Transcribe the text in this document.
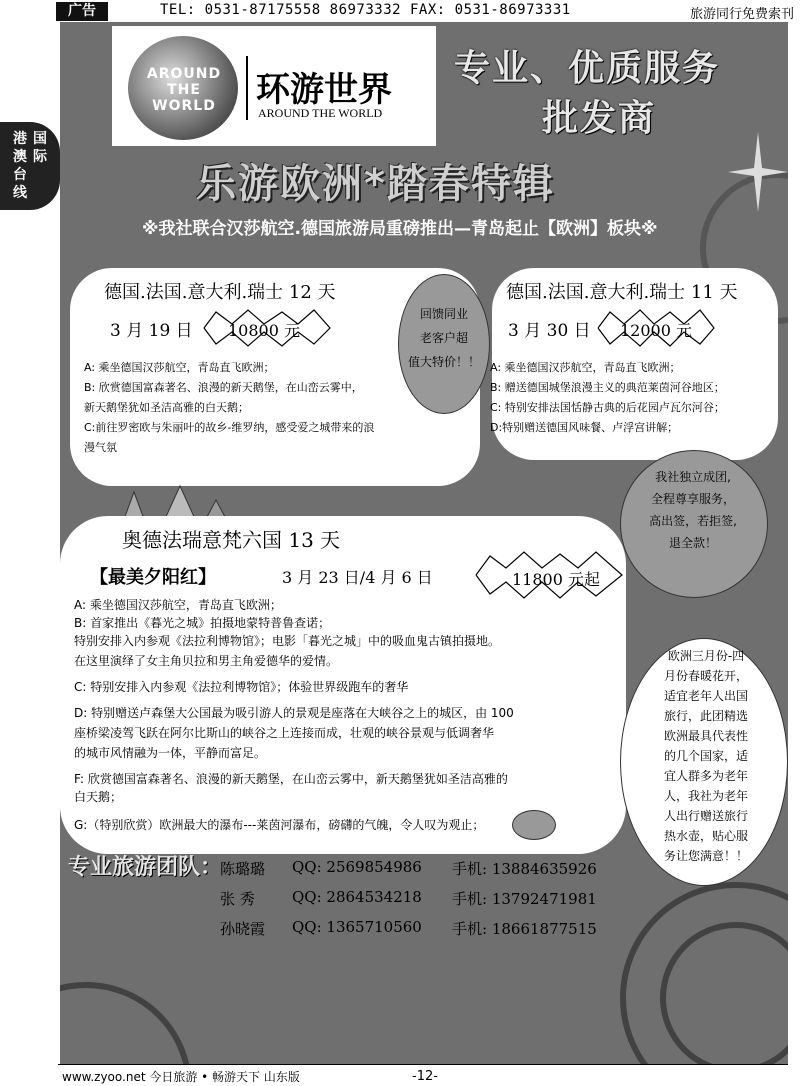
广告	TEL: 0531-87175558 86973332 FAX: 0531-86973331	旅游同行免费索刊
港
澳
台
线
国
际
AROUND THE WORLD	环游世界
AROUND THE WORLD
专业、优质服务
批发商
乐游欧洲*踏春特辑
※我社联合汉莎航空.德国旅游局重磅推出—青岛起止【欧洲】板块※
德国.法国.意大利.瑞士 12 天
3 月 19 日 10800 元
A: 乘坐德国汉莎航空，青岛直飞欧洲；
B: 欣赏德国富森著名、浪漫的新天鹅堡，在山峦云雾中，
新天鹅堡犹如圣洁高雅的白天鹅；
C:前往罗密欧与朱丽叶的故乡-维罗纳，感受爱之城带来的浪
漫气氛
回馈同业
老客户超
值大特价！！
德国.法国.意大利.瑞士 11 天
3 月 30 日 12000 元
A: 乘坐德国汉莎航空，青岛直飞欧洲；
B: 赠送德国城堡浪漫主义的典范莱茵河谷地区；
C: 特别安排法国恬静古典的后花园卢瓦尔河谷；
D:特别赠送德国风味餐、卢浮宫讲解；
我社独立成团,
全程尊享服务，
高出签，若拒签,
退全款！
奥德法瑞意梵六国 13 天
【最美夕阳红】	3 月 23 日/4 月 6 日	11800 元起
A: 乘坐德国汉莎航空，青岛直飞欧洲；
B: 首家推出《暮光之城》拍摄地蒙特普鲁查诺；
特别安排入内参观《法拉利博物馆》；电影「暮光之城」中的吸血鬼古镇拍摄地。
在这里演绎了女主角贝拉和男主角爱德华的爱情。
C: 特别安排入内参观《法拉利博物馆》；体验世界级跑车的奢华
D: 特别赠送卢森堡大公国最为吸引游人的景观是座落在大峡谷之上的城区，由 100
座桥梁凌驾飞跃在阿尔比斯山的峡谷之上连接而成，壮观的峡谷景观与低调奢华
的城市风情融为一体，平静而富足。
F: 欣赏德国富森著名、浪漫的新天鹅堡，在山峦云雾中，新天鹅堡犹如圣洁高雅的
白天鹅；
G:（特别欣赏）欧洲最大的瀑布---莱茵河瀑布，磅礴的气魄，令人叹为观止；
欧洲三月份-四
月份春暖花开，
适宜老年人出国
旅行，此团精选
欧洲最具代表性
的几个国家，适
宜人群多为老年
人，我社为老年
人出行赠送旅行
热水壶，贴心服
务让您满意！！
专业旅游团队：
陈璐璐 QQ: 2569854986 手机: 13884635926
张 秀 QQ: 2864534218 手机: 13792471981
孙晓霞 QQ: 1365710560 手机: 18661877515
www.zyoo.net 今日旅游 • 畅游天下 山东版	-12-
